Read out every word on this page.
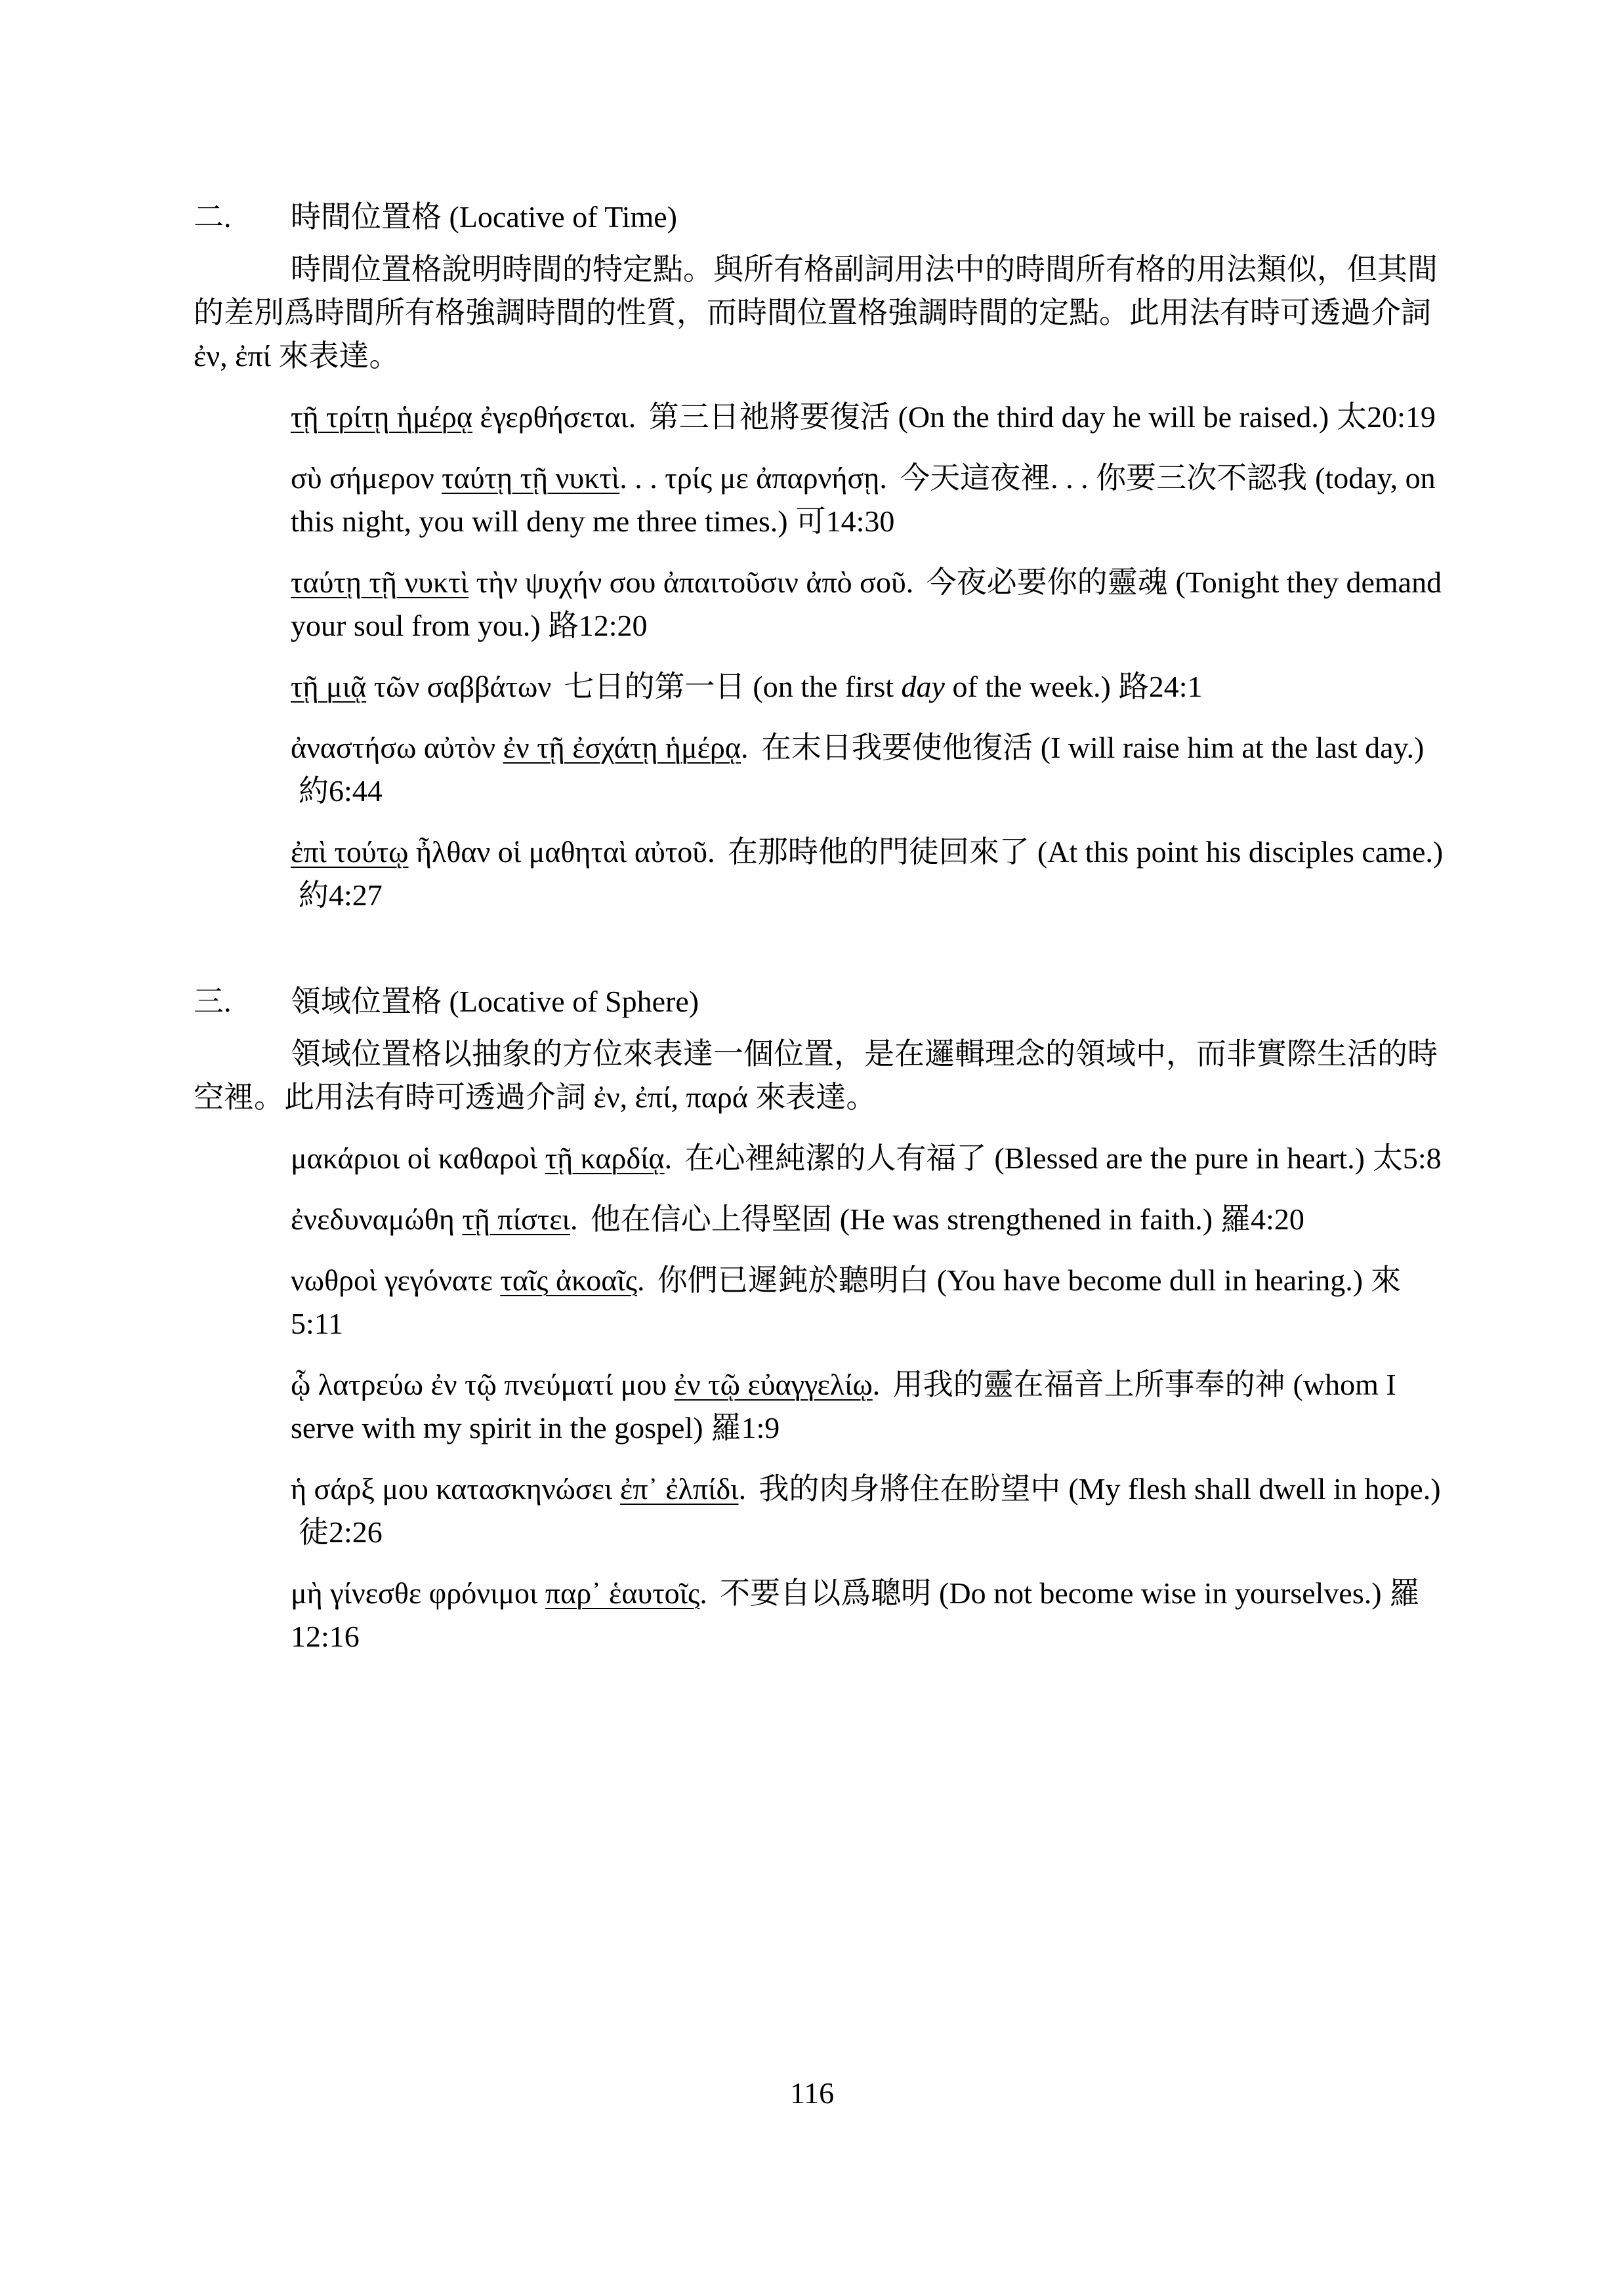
二. 時間位置格 (Locative of Time)

時間位置格說明時間的特定點。與所有格副詞用法中的時間所有格的用法類似，但其間的差別爲時間所有格強調時間的性質，而時間位置格強調時間的定點。此用法有時可透過介詞 ἐν, ἐπί 來表達。

τῇ τρίτῃ ἡμέρᾳ ἐγερθήσεται. 第三日祂將要復活 (On the third day he will be raised.) 太20:19

σὺ σήμερον ταύτῃ τῇ νυκτὶ. . . τρίς με ἀπαρνήσῃ. 今天這夜裡. . . 你要三次不認我 (today, on this night, you will deny me three times.) 可14:30

ταύτῃ τῇ νυκτὶ τὴν ψυχήν σου ἀπαιτοῦσιν ἀπὸ σοῦ. 今夜必要你的靈魂 (Tonight they demand your soul from you.) 路12:20

τῇ μιᾷ τῶν σαββάτων 七日的第一日 (on the first day of the week.) 路24:1

ἀναστήσω αὐτὸν ἐν τῇ ἐσχάτῃ ἡμέρᾳ. 在末日我要使他復活 (I will raise him at the last day.)約6:44

ἐπὶ τούτῳ ἦλθαν οἱ μαθηταὶ αὐτοῦ. 在那時他的門徒回來了 (At this point his disciples came.)約4:27

三. 領域位置格 (Locative of Sphere)

領域位置格以抽象的方位來表達一個位置，是在邏輯理念的領域中，而非實際生活的時空裡。此用法有時可透過介詞 ἐν, ἐπί, παρά 來表達。

μακάριοι οἱ καθαροὶ τῇ καρδίᾳ. 在心裡純潔的人有福了 (Blessed are the pure in heart.) 太5:8

ἐνεδυναμώθη τῇ πίστει. 他在信心上得堅固 (He was strengthened in faith.) 羅4:20

νωθροὶ γεγόνατε ταῖς ἀκοαῖς. 你們已遲鈍於聽明白 (You have become dull in hearing.) 來5:11

ᾧ λατρεύω ἐν τῷ πνεύματί μου ἐν τῷ εὐαγγελίῳ. 用我的靈在福音上所事奉的神 (whom I serve with my spirit in the gospel) 羅1:9

ἡ σάρξ μου κατασκηνώσει ἐπ᾽ ἐλπίδι. 我的肉身將住在盼望中 (My flesh shall dwell in hope.)徒2:26

μὴ γίνεσθε φρόνιμοι παρ᾽ ἑαυτοῖς. 不要自以爲聰明 (Do not become wise in yourselves.) 羅12:16

116
